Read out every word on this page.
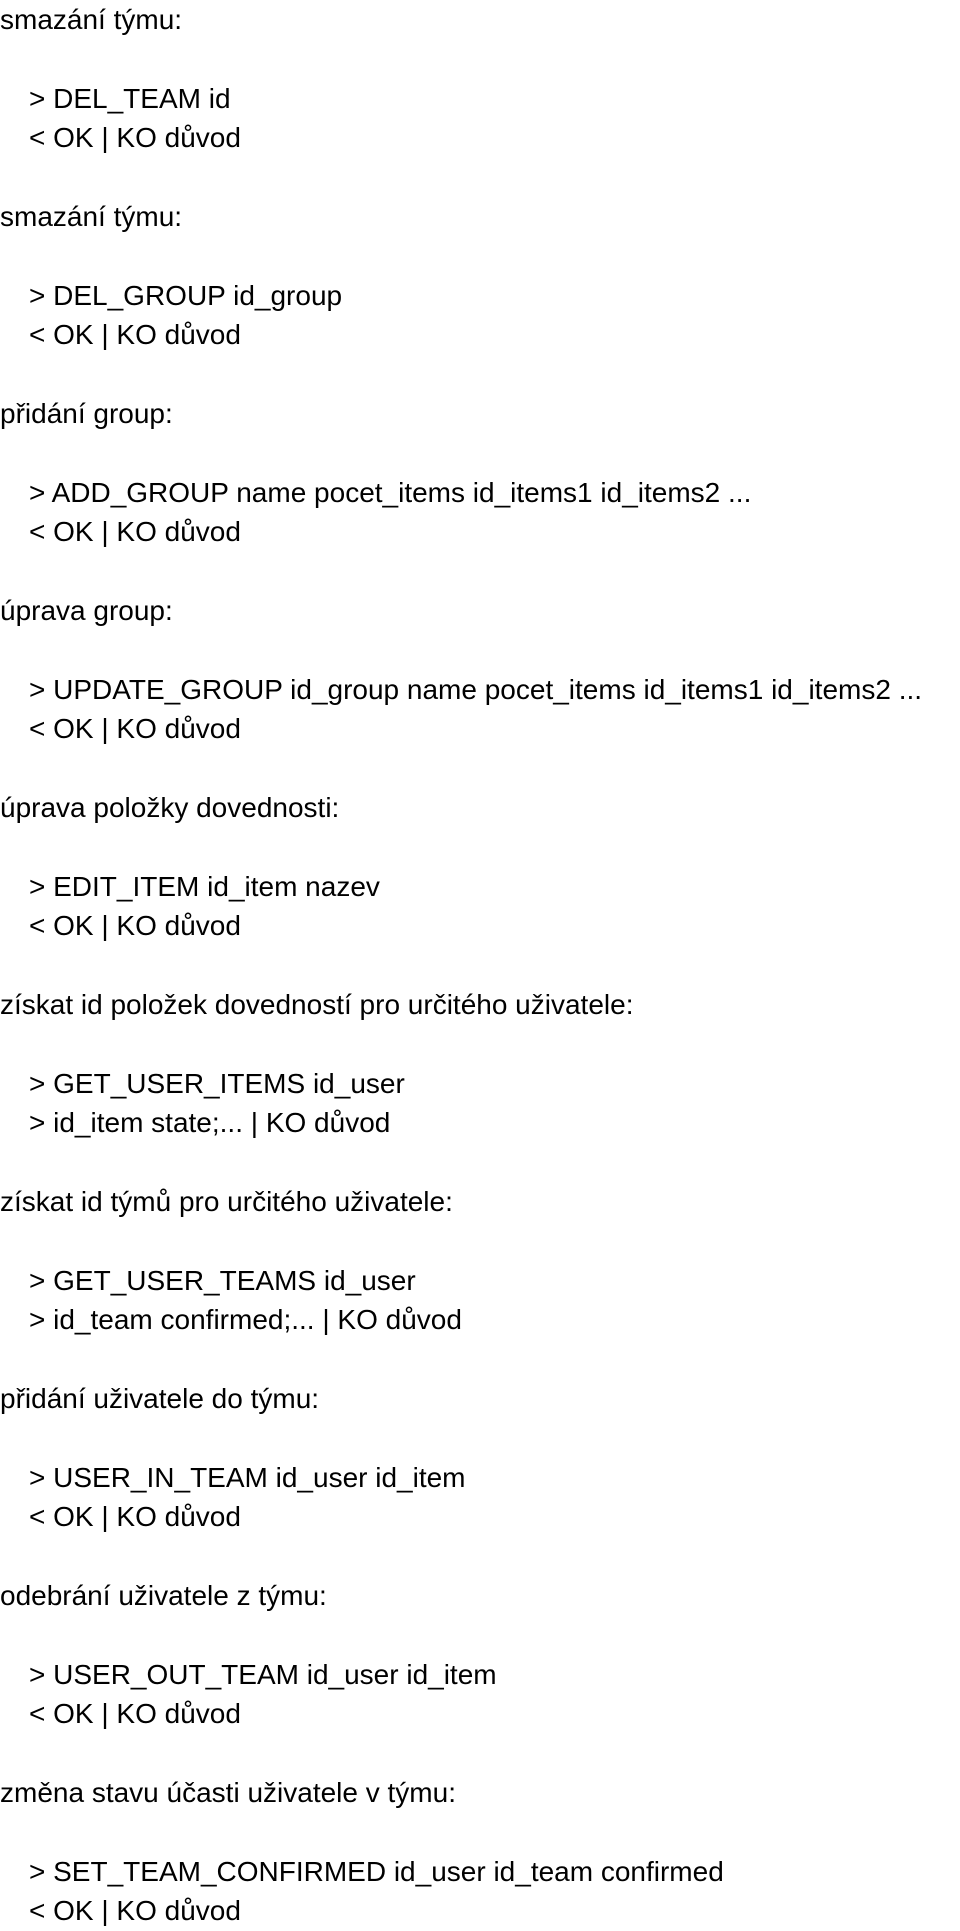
smazání týmu:
> DEL_TEAM id
< OK | KO důvod
smazání týmu:
> DEL_GROUP id_group
< OK | KO důvod
přidání group:
> ADD_GROUP name pocet_items id_items1 id_items2 ...
< OK | KO důvod
úprava group:
> UPDATE_GROUP id_group name pocet_items id_items1 id_items2 ...
< OK | KO důvod
úprava položky dovednosti:
> EDIT_ITEM id_item nazev
< OK | KO důvod
získat id položek dovedností pro určitého uživatele:
> GET_USER_ITEMS id_user
> id_item state;... | KO důvod
získat id týmů pro určitého uživatele:
> GET_USER_TEAMS id_user
> id_team confirmed;... | KO důvod
přidání uživatele do týmu:
> USER_IN_TEAM id_user id_item
< OK | KO důvod
odebrání uživatele z týmu:
> USER_OUT_TEAM id_user id_item
< OK | KO důvod
změna stavu účasti uživatele v týmu:
> SET_TEAM_CONFIRMED id_user id_team confirmed
< OK | KO důvod
